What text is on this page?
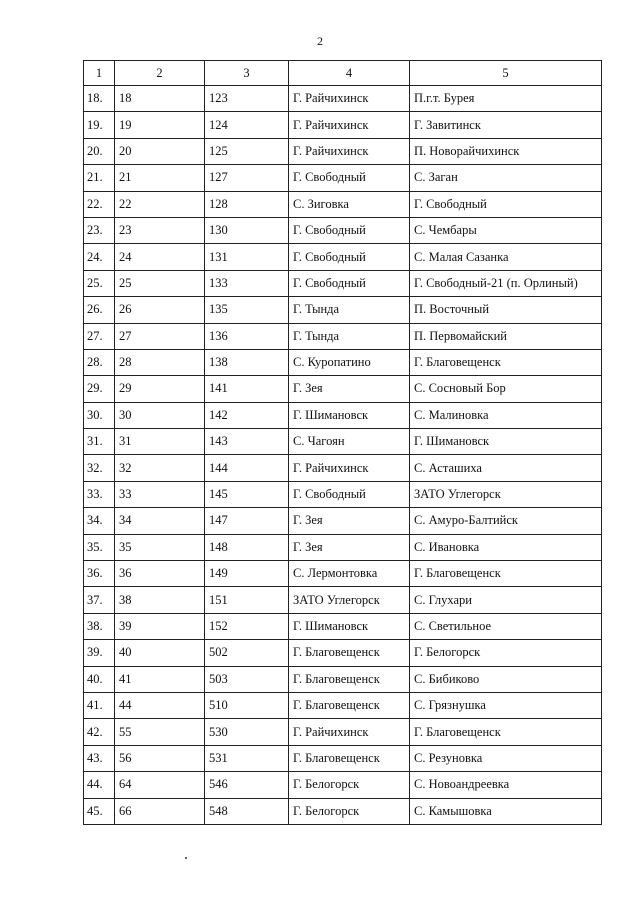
2
1	2	3	4	5
18.	18	123	Г. Райчихинск	П.г.т. Бурея
19.	19	124	Г. Райчихинск	Г. Завитинск
20.	20	125	Г. Райчихинск	П. Новорайчихинск
21.	21	127	Г. Свободный	С. Заган
22.	22	128	С. Зиговка	Г. Свободный
23.	23	130	Г. Свободный	С. Чембары
24.	24	131	Г. Свободный	С. Малая Сазанка
25.	25	133	Г. Свободный	Г. Свободный-21 (п. Орлиный)
26.	26	135	Г. Тында	П. Восточный
27.	27	136	Г. Тында	П. Первомайский
28.	28	138	С. Куропатино	Г. Благовещенск
29.	29	141	Г. Зея	С. Сосновый Бор
30.	30	142	Г. Шимановск	С. Малиновка
31.	31	143	С. Чагоян	Г. Шимановск
32.	32	144	Г. Райчихинск	С. Асташиха
33.	33	145	Г. Свободный	ЗАТО Углегорск
34.	34	147	Г. Зея	С. Амуро-Балтийск
35.	35	148	Г. Зея	С. Ивановка
36.	36	149	С. Лермонтовка	Г. Благовещенск
37.	38	151	ЗАТО Углегорск	С. Глухари
38.	39	152	Г. Шимановск	С. Светильное
39.	40	502	Г. Благовещенск	Г. Белогорск
40.	41	503	Г. Благовещенск	С. Бибиково
41.	44	510	Г. Благовещенск	С. Грязнушка
42.	55	530	Г. Райчихинск	Г. Благовещенск
43.	56	531	Г. Благовещенск	С. Резуновка
44.	64	546	Г. Белогорск	С. Новоандреевка
45.	66	548	Г. Белогорск	С. Камышовка
